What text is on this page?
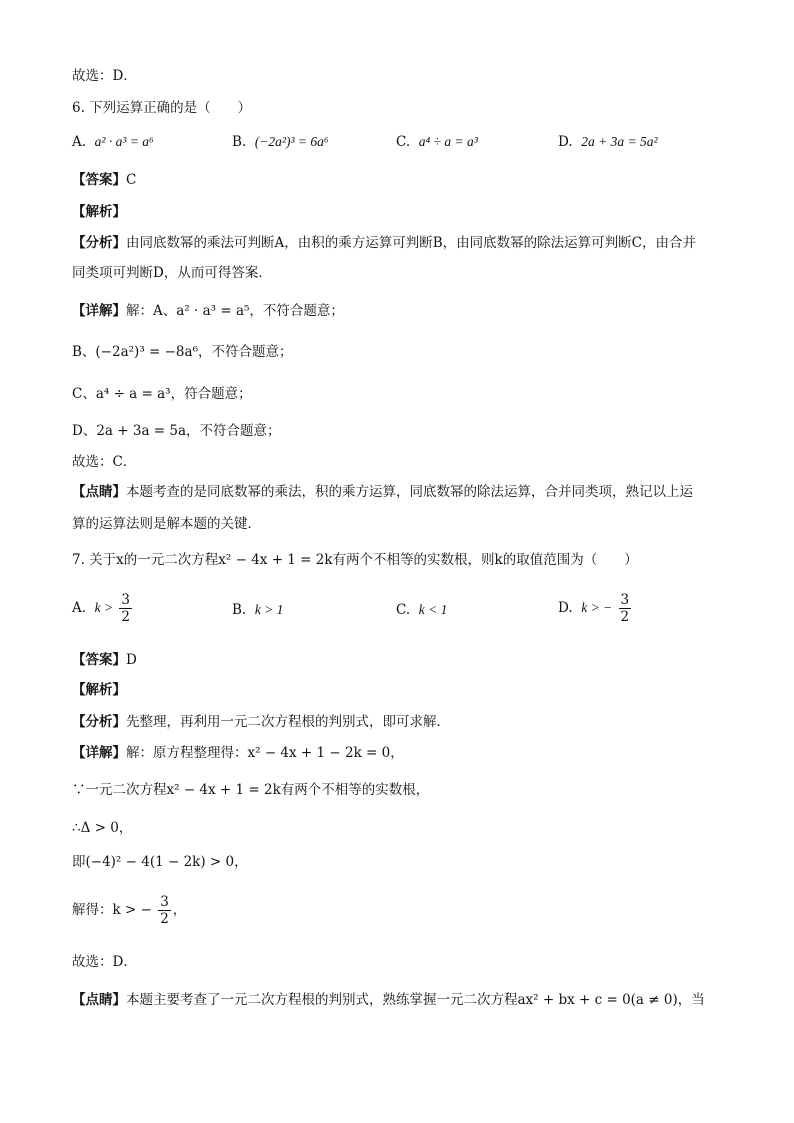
故选：D．
6. 下列运算正确的是（　　）
A. a² · a³ = a⁶	B. (−2a²)³ = 6a⁶	C. a⁴ ÷ a = a³	D. 2a + 3a = 5a²
【答案】C
【解析】
【分析】由同底数幂的乘法可判断A，由积的乘方运算可判断B，由同底数幂的除法运算可判断C，由合并
同类项可判断D，从而可得答案．
【详解】解：A、a² · a³ = a⁵，不符合题意；
B、(−2a²)³ = −8a⁶，不符合题意；
C、a⁴ ÷ a = a³，符合题意；
D、2a + 3a = 5a，不符合题意；
故选：C．
【点睛】本题考查的是同底数幂的乘法，积的乘方运算，同底数幂的除法运算，合并同类项，熟记以上运
算的运算法则是解本题的关键．
7. 关于x的一元二次方程x² − 4x + 1 = 2k有两个不相等的实数根，则k的取值范围为（　　）
A. $k > \frac{3}{2}$	B. k > 1	C. k < 1	D. k > − $\frac{3}{2}$
【答案】D
【解析】
【分析】先整理，再利用一元二次方程根的判别式，即可求解．
【详解】解：原方程整理得：x² − 4x + 1 − 2k = 0，
∵一元二次方程x² − 4x + 1 = 2k有两个不相等的实数根，
∴Δ > 0，
即(−4)² − 4(1 − 2k) > 0，
解得：k > − $\frac{3}{2}$ ，
故选：D．
【点睛】本题主要考查了一元二次方程根的判别式，熟练掌握一元二次方程ax² + bx + c = 0(a ≠ 0)，当
